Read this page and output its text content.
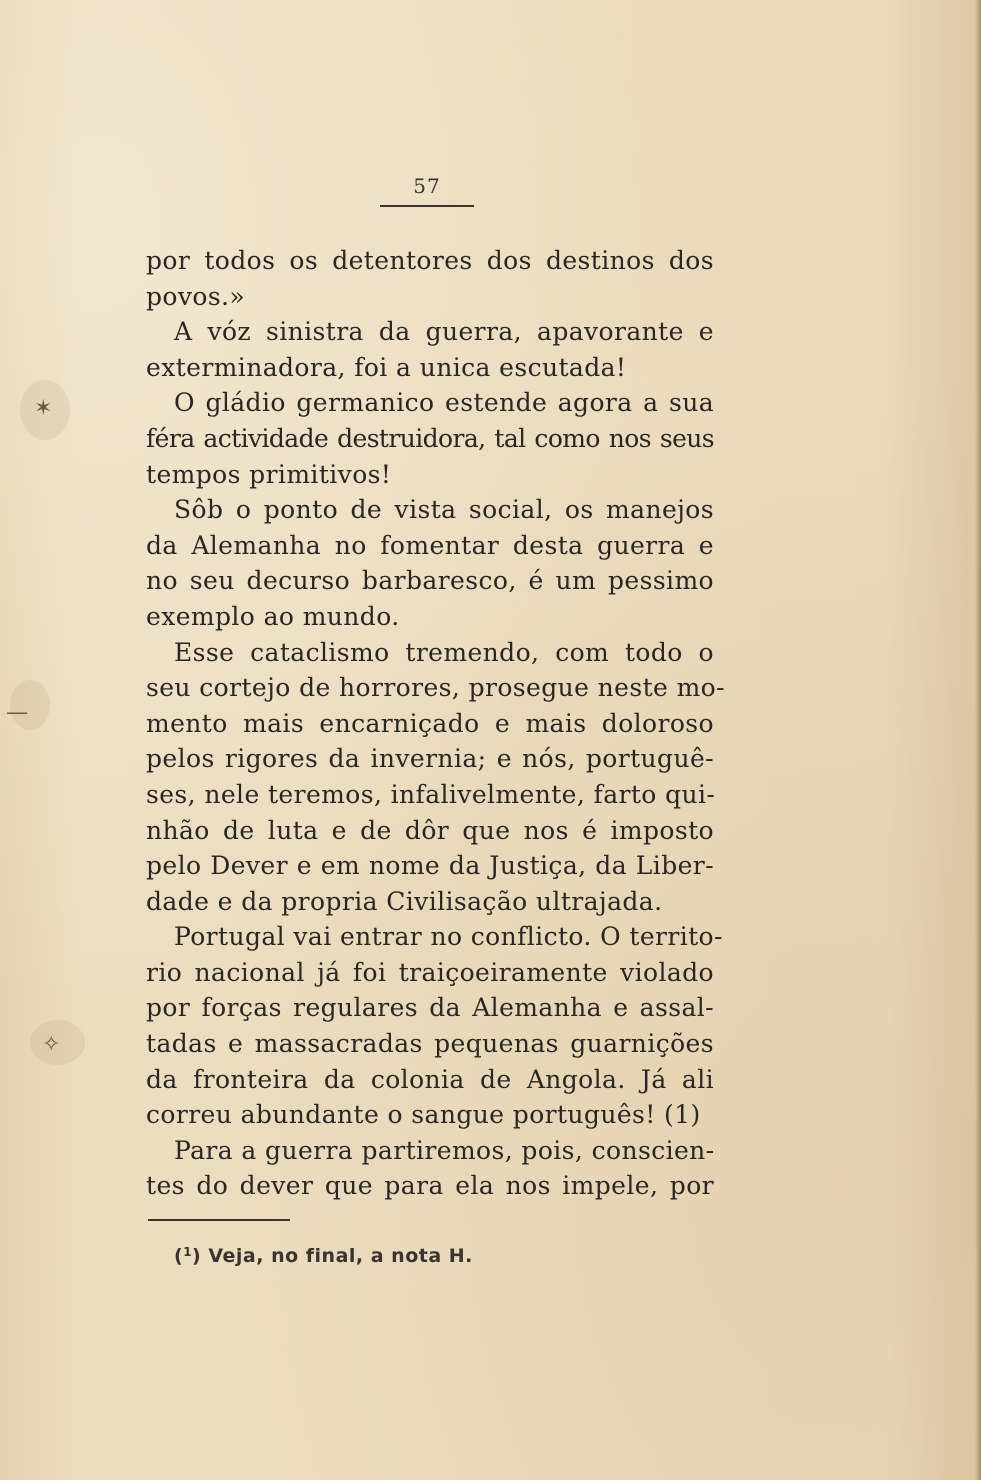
✶
—
✧
57
por todos os detentores dos destinos dos
povos.»
A vóz sinistra da guerra, apavorante e
exterminadora, foi a unica escutada!
O gládio germanico estende agora a sua
féra actividade destruidora, tal como nos seus
tempos primitivos!
Sôb o ponto de vista social, os manejos
da Alemanha no fomentar desta guerra e
no seu decurso barbaresco, é um pessimo
exemplo ao mundo.
Esse cataclismo tremendo, com todo o
seu cortejo de horrores, prosegue neste mo-
mento mais encarniçado e mais doloroso
pelos rigores da invernia; e nós, portuguê-
ses, nele teremos, infalivelmente, farto qui-
nhão de luta e de dôr que nos é imposto
pelo Dever e em nome da Justiça, da Liber-
dade e da propria Civilisação ultrajada.
Portugal vai entrar no conflicto. O territo-
rio nacional já foi traiçoeiramente violado
por forças regulares da Alemanha e assal-
tadas e massacradas pequenas guarnições
da fronteira da colonia de Angola. Já ali
correu abundante o sangue português! (1)
Para a guerra partiremos, pois, conscien-
tes do dever que para ela nos impele, por
($^1$) Veja, no final, a nota H.
